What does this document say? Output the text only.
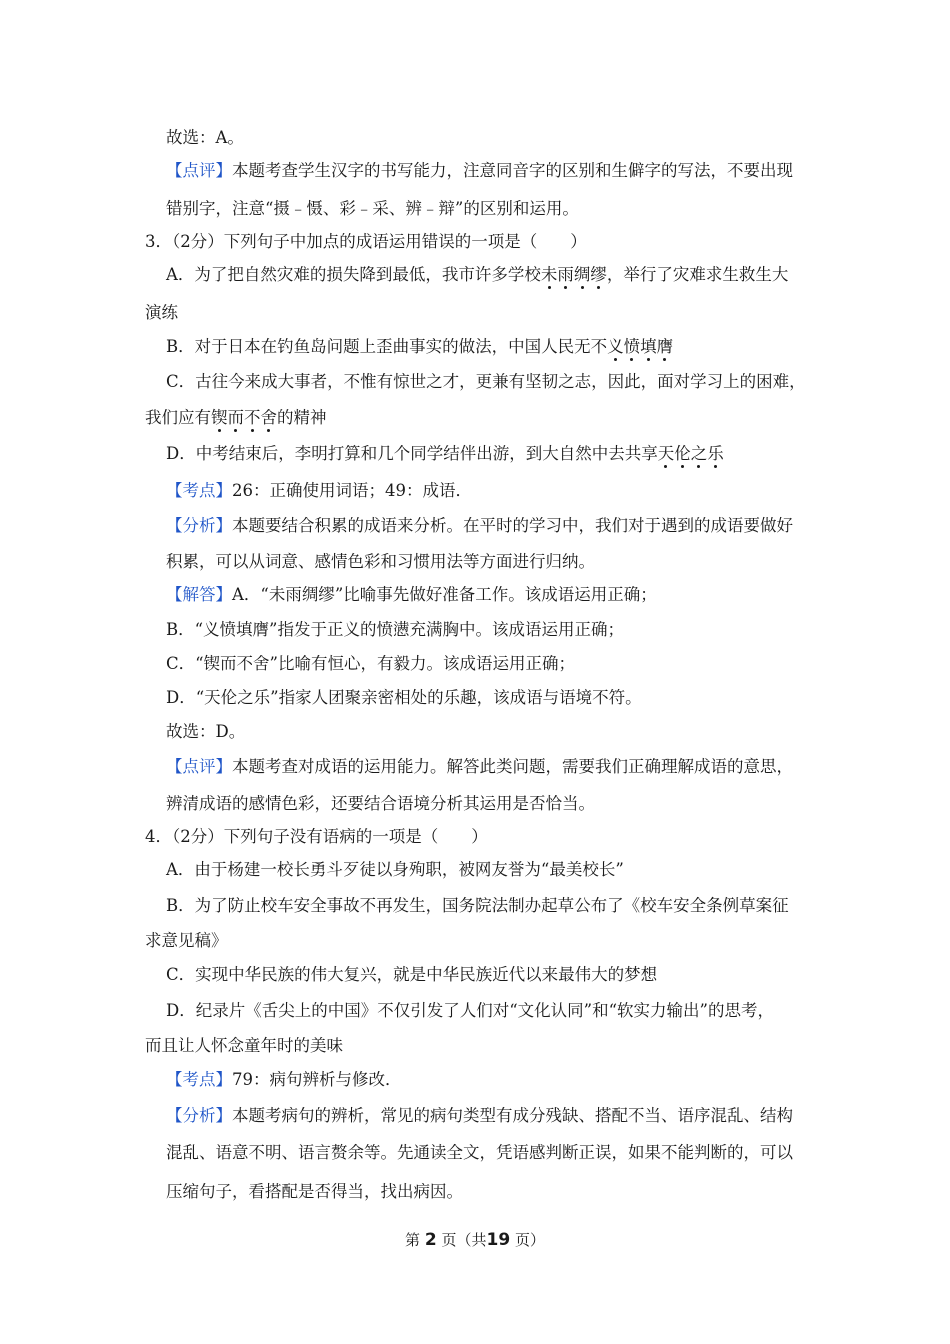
故选：A。
【点评】本题考查学生汉字的书写能力，注意同音字的区别和生僻字的写法，不要出现
错别字，注意“摄﹣慑、彩﹣采、辨﹣辩”的区别和运用。
3．（2分）下列句子中加点的成语运用错误的一项是（　　）
A．为了把自然灾难的损失降到最低，我市许多学校未雨绸缪，举行了灾难求生救生大
演练
B．对于日本在钓鱼岛问题上歪曲事实的做法，中国人民无不义愤填膺
C．古往今来成大事者，不惟有惊世之才，更兼有坚韧之志，因此，面对学习上的困难，
我们应有锲而不舍的精神
D．中考结束后，李明打算和几个同学结伴出游，到大自然中去共享天伦之乐
【考点】26：正确使用词语；49：成语．
【分析】本题要结合积累的成语来分析。在平时的学习中，我们对于遇到的成语要做好
积累，可以从词意、感情色彩和习惯用法等方面进行归纳。
【解答】A．“未雨绸缪”比喻事先做好准备工作。该成语运用正确；
B．“义愤填膺”指发于正义的愤懑充满胸中。该成语运用正确；
C．“锲而不舍”比喻有恒心，有毅力。该成语运用正确；
D．“天伦之乐”指家人团聚亲密相处的乐趣，该成语与语境不符。
故选：D。
【点评】本题考查对成语的运用能力。解答此类问题，需要我们正确理解成语的意思，
辨清成语的感情色彩，还要结合语境分析其运用是否恰当。
4．（2分）下列句子没有语病的一项是（　　）
A．由于杨建一校长勇斗歹徒以身殉职，被网友誉为“最美校长”
B．为了防止校车安全事故不再发生，国务院法制办起草公布了《校车安全条例草案征
求意见稿》
C．实现中华民族的伟大复兴，就是中华民族近代以来最伟大的梦想
D．纪录片《舌尖上的中国》不仅引发了人们对“文化认同”和“软实力输出”的思考，
而且让人怀念童年时的美味
【考点】79：病句辨析与修改．
【分析】本题考病句的辨析，常见的病句类型有成分残缺、搭配不当、语序混乱、结构
混乱、语意不明、语言赘余等。先通读全文，凭语感判断正误，如果不能判断的，可以
压缩句子，看搭配是否得当，找出病因。
第 2 页（共19 页）
